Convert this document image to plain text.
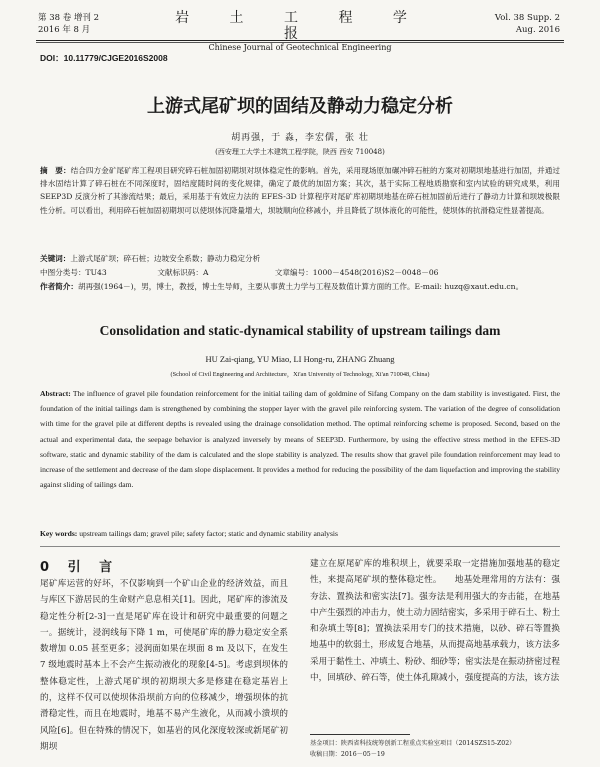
第 38 卷 增刊 2
2016 年 8 月
岩 土 工 程 学 报
Chinese Journal of Geotechnical Engineering
Vol. 38 Supp. 2
Aug. 2016
DOI：10.11779/CJGE2016S2008
上游式尾矿坝的固结及静动力稳定分析
胡再强，于 淼，李宏儒，张 壮
(西安理工大学土木建筑工程学院，陕西 西安 710048)
摘　要：结合四方金矿尾矿库工程项目研究碎石桩加固初期坝对坝体稳定性的影响。首先，采用现场原加碾冲碎石桩的方案对初期坝地基进行加固，并通过排水固结计算了碎石桩在不同深度时，固结度随时间的变化规律，确定了最优的加固方案；其次，基于实际工程地质勘察和室内试验的研究成果，利用 SEEP3D 反演分析了其渗流结果；最后，采用基于有效应力法的 EFES-3D 计算程序对尾矿库初期坝地基在碎石桩加固前后进行了静动力计算和坝坡极限性分析。可以看出，利用碎石桩加固初期坝可以使坝体沉降量增大，坝坡顺向位移减小，并且降低了坝体液化的可能性，使坝体的抗滑稳定性显著提高。
关键词：上游式尾矿坝；碎石桩；边坡安全系数；静动力稳定分析
中图分类号：TU43	文献标识码：A	文章编号：1000－4548(2016)S2－0048－06
作者简介：胡再强(1964－)，男，博士，教授，博士生导师，主要从事黄土力学与工程及数值计算方面的工作。E-mail: huzq@xaut.edu.cn。
Consolidation and static-dynamical stability of upstream tailings dam
HU Zai-qiang, YU Miao, LI Hong-ru, ZHANG Zhuang
(School of Civil Engineering and Architecture，Xi'an University of Technology, Xi'an 710048, China)
Abstract: The influence of gravel pile foundation reinforcement for the initial tailing dam of goldmine of Sifang Company on the dam stability is investigated. First, the foundation of the initial tailings dam is strengthened by combining the stopper layer with the gravel pile reinforcing system. The variation of the degree of consolidation with time for the gravel pile at different depths is revealed using the drainage consolidation method. The optimal reinforcing scheme is proposed. Second, based on the actual and experimental data, the seepage behavior is analyzed inversely by means of SEEP3D. Furthermore, by using the effective stress method in the EFES-3D software, static and dynamic stability of the dam is calculated and the slope stability is analyzed. The results show that gravel pile foundation reinforcement may lead to increase of the settlement and decrease of the dam slope displacement. It provides a method for reducing the possibility of the dam liquefaction and improving the stability against sliding of tailings dam.
Key words: upstream tailings dam; gravel pile; safety factor; static and dynamic stability analysis
0 引 言
尾矿库运营的好坏，不仅影响到一个矿山企业的经济效益，而且与库区下游居民的生命财产息息相关[1]。因此，尾矿库的渗流及稳定性分析[2-3]一直是尾矿库在设计和研究中最重要的问题之一。据统计，浸润线每下降 1 m，可使尾矿库的静力稳定安全系数增加 0.05 甚至更多；浸润面如果在坝面 8 m 及以下，在发生 7 级地震时基本上不会产生振动液化的现象[4-5]。考虑到坝体的整体稳定性，上游式尾矿坝的初期坝大多是修建在稳定基岩上的，这样不仅可以使坝体沿坝前方向的位移减少，增强坝体的抗滑稳定性，而且在地震时，地基不易产生液化，从而减小溃坝的风险[6]。但在特殊的情况下，如基岩的风化深度较深或新尾矿初期坝
建立在原尾矿库的堆积坝上，就要采取一定措施加强地基的稳定性，来提高尾矿坝的整体稳定性。　　地基处理常用的方法有：强夯法、置换法和密实法[7]。强夯法是利用强大的夯击能，在地基中产生强烈的冲击力，使土动力固结密实，多采用于碎石土、粉土和杂填土等[8]；置换法采用专门的技术措施，以砂、碎石等置换地基中的软弱土，形成复合地基，从而提高地基承载力，该方法多采用于黏性土、冲填土、粉砂、细砂等；密实法是在振动挤密过程中，回填砂、碎石等，使土体孔隙减小，强度提高的方法，该方法
基金项目：陕西省科技统筹创新工程重点实验室项目（2014SZS15-Z02）
收稿日期：2016－05－19
